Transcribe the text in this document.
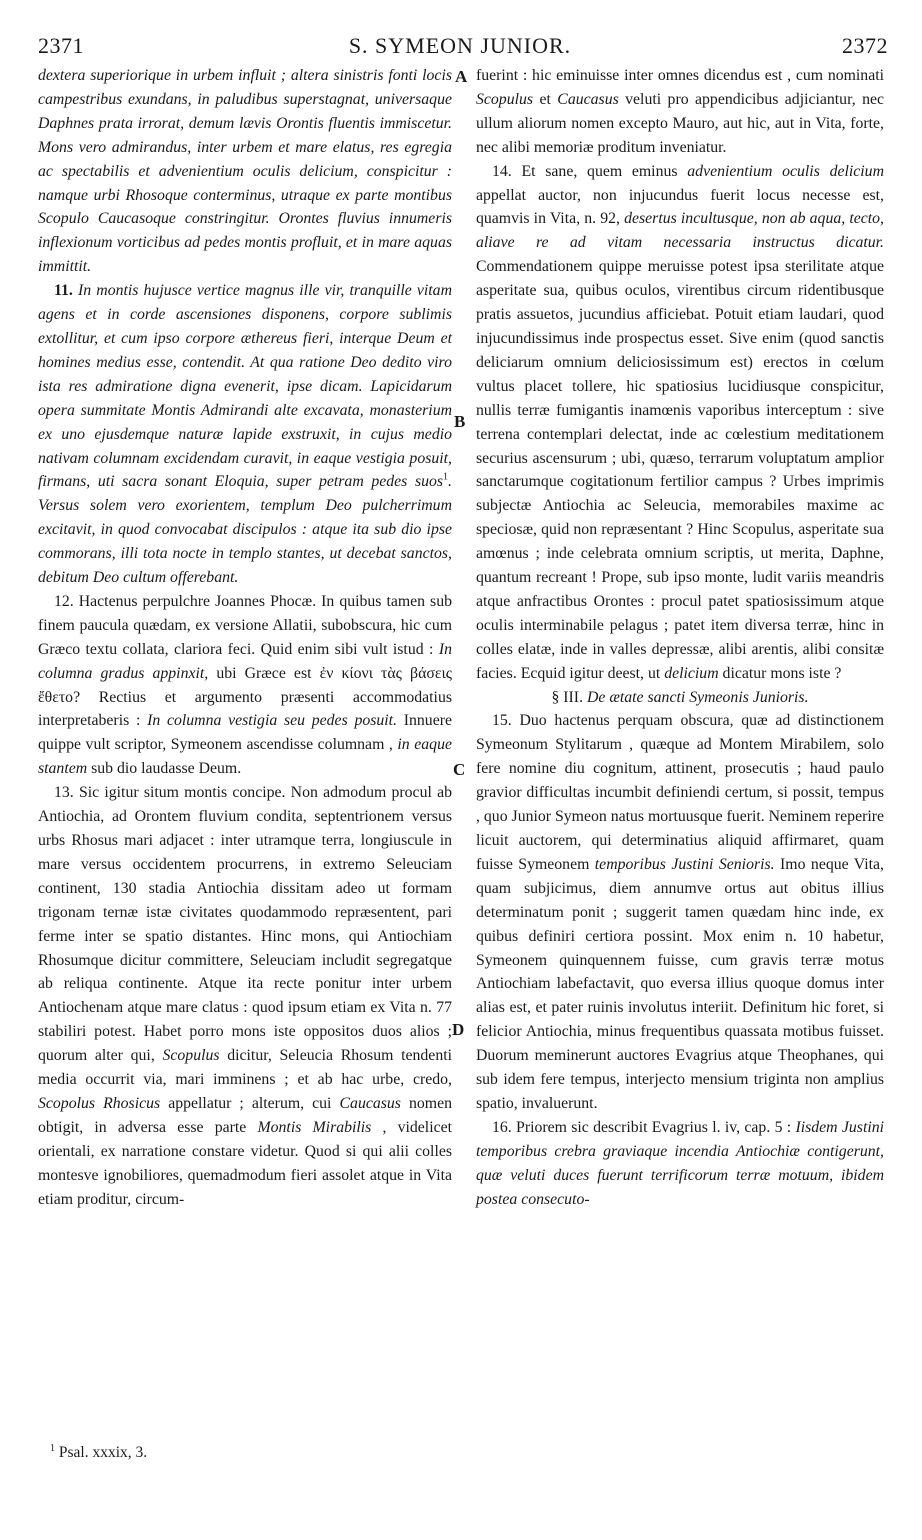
2371	S. SYMEON JUNIOR.	2372

dextera superiorique in urbem influit ; altera sinistris fonti locis campestribus exundans, in paludibus superstagnat, universaque Daphnes prata irrorat, demum lævis Orontis fluentis immiscetur. Mons vero admirandus, inter urbem et mare elatus, res egregia ac spectabilis et advenientium oculis delicium, conspicitur : namque urbi Rhosoque conterminus, utraque ex parte montibus Scopulo Caucasoque constringitur. Orontes fluvius innumeris inflexionum vorticibus ad pedes montis profluit, et in mare aquas immittit.

11. In montis hujusce vertice magnus ille vir, tranquille vitam agens et in corde ascensiones disponens, corpore sublimis extollitur, et cum ipso corpore æthereus fieri, interque Deum et homines medius esse, contendit. At qua ratione Deo dedito viro ista res admiratione digna evenerit, ipse dicam. Lapicidarum opera summitate Montis Admirandi alte excavata, monasterium ex uno ejusdemque naturæ lapide exstruxit, in cujus medio nativam columnam excidendam curavit, in eaque vestigia posuit, firmans, uti sacra sonant Eloquia, super petram pedes suos$^1$. Versus solem vero exorientem, templum Deo pulcherrimum excitavit, in quod convocabat discipulos : atque ita sub dio ipse commorans, illi tota nocte in templo stantes, ut decebat sanctos, debitum Deo cultum offerebant.

12. Hactenus perpulchre Joannes Phocæ. In quibus tamen sub finem paucula quædam, ex versione Allatii, subobscura, hic cum Græco textu collata, clariora feci. Quid enim sibi vult istud : In columna gradus appinxit, ubi Græce est ἐν κίονι τὰς βάσεις ἔθετο? Rectius et argumento præsenti accommodatius interpretaberis : In columna vestigia seu pedes posuit. Innuere quippe vult scriptor, Symeonem ascendisse columnam , in eaque stantem sub dio laudasse Deum.

13. Sic igitur situm montis concipe. Non admodum procul ab Antiochia, ad Orontem fluvium condita, septentrionem versus urbs Rhosus mari adjacet : inter utramque terra, longiuscule in mare versus occidentem procurrens, in extremo Seleuciam continent, 130 stadia Antiochia dissitam adeo ut formam trigonam ternæ istæ civitates quodammodo repræsentent, pari ferme inter se spatio distantes. Hinc mons, qui Antiochiam Rhosumque dicitur committere, Seleuciam includit segregatque ab reliqua continente. Atque ita recte ponitur inter urbem Antiochenam atque mare clatus : quod ipsum etiam ex Vita n. 77 stabiliri potest. Habet porro mons iste oppositos duos alios ; quorum alter qui, Scopulus dicitur, Seleucia Rhosum tendenti media occurrit via, mari imminens ; et ab hac urbe, credo, Scopolus Rhosicus appellatur ; alterum, cui Caucasus nomen obtigit, in adversa esse parte Montis Mirabilis , videlicet orientali, ex narratione constare videtur. Quod si qui alii colles montesve ignobiliores, quemadmodum fieri assolet atque in Vita etiam proditur, circum-

A
B
C
D

fuerint : hic eminuisse inter omnes dicendus est , cum nominati Scopulus et Caucasus veluti pro appendicibus adjiciantur, nec ullum aliorum nomen excepto Mauro, aut hic, aut in Vita, forte, nec alibi memoriæ proditum inveniatur.

14. Et sane, quem eminus advenientium oculis delicium appellat auctor, non injucundus fuerit locus necesse est, quamvis in Vita, n. 92, desertus incultusque, non ab aqua, tecto, aliave re ad vitam necessaria instructus dicatur. Commendationem quippe meruisse potest ipsa sterilitate atque asperitate sua, quibus oculos, virentibus circum ridentibusque pratis assuetos, jucundius afficiebat. Potuit etiam laudari, quod injucundissimus inde prospectus esset. Sive enim (quod sanctis deliciarum omnium deliciosissimum est) erectos in cœlum vultus placet tollere, hic spatiosius lucidiusque conspicitur, nullis terræ fumigantis inamœnis vaporibus interceptum : sive terrena contemplari delectat, inde ac cœlestium meditationem securius ascensurum ; ubi, quæso, terrarum voluptatum amplior sanctarumque cogitationum fertilior campus ? Urbes imprimis subjectæ Antiochia ac Seleucia, memorabiles maxime ac speciosæ, quid non repræsentant ? Hinc Scopulus, asperitate sua amœnus ; inde celebrata omnium scriptis, ut merita, Daphne, quantum recreant ! Prope, sub ipso monte, ludit variis meandris atque anfractibus Orontes : procul patet spatiosissimum atque oculis interminabile pelagus ; patet item diversa terræ, hinc in colles elatæ, inde in valles depressæ, alibi arentis, alibi consitæ facies. Ecquid igitur deest, ut delicium dicatur mons iste ?

§ III. De ætate sancti Symeonis Junioris.

15. Duo hactenus perquam obscura, quæ ad distinctionem Symeonum Stylitarum , quæque ad Montem Mirabilem, solo fere nomine diu cognitum, attinent, prosecutis ; haud paulo gravior difficultas incumbit definiendi certum, si possit, tempus , quo Junior Symeon natus mortuusque fuerit. Neminem reperire licuit auctorem, qui determinatius aliquid affirmaret, quam fuisse Symeonem temporibus Justini Senioris. Imo neque Vita, quam subjicimus, diem annumve ortus aut obitus illius determinatum ponit ; suggerit tamen quædam hinc inde, ex quibus definiri certiora possint. Mox enim n. 10 habetur, Symeonem quinquennem fuisse, cum gravis terræ motus Antiochiam labefactavit, quo eversa illius quoque domus inter alias est, et pater ruinis involutus interiit. Definitum hic foret, si felicior Antiochia, minus frequentibus quassata motibus fuisset. Duorum meminerunt auctores Evagrius atque Theophanes, qui sub idem fere tempus, interjecto mensium triginta non amplius spatio, invaluerunt.

16. Priorem sic describit Evagrius l. iv, cap. 5 : Iisdem Justini temporibus crebra graviaque incendia Antiochiæ contigerunt, quæ veluti duces fuerunt terrificorum terræ motuum, ibidem postea consecuto-

$^1$ Psal. xxxix, 3.
